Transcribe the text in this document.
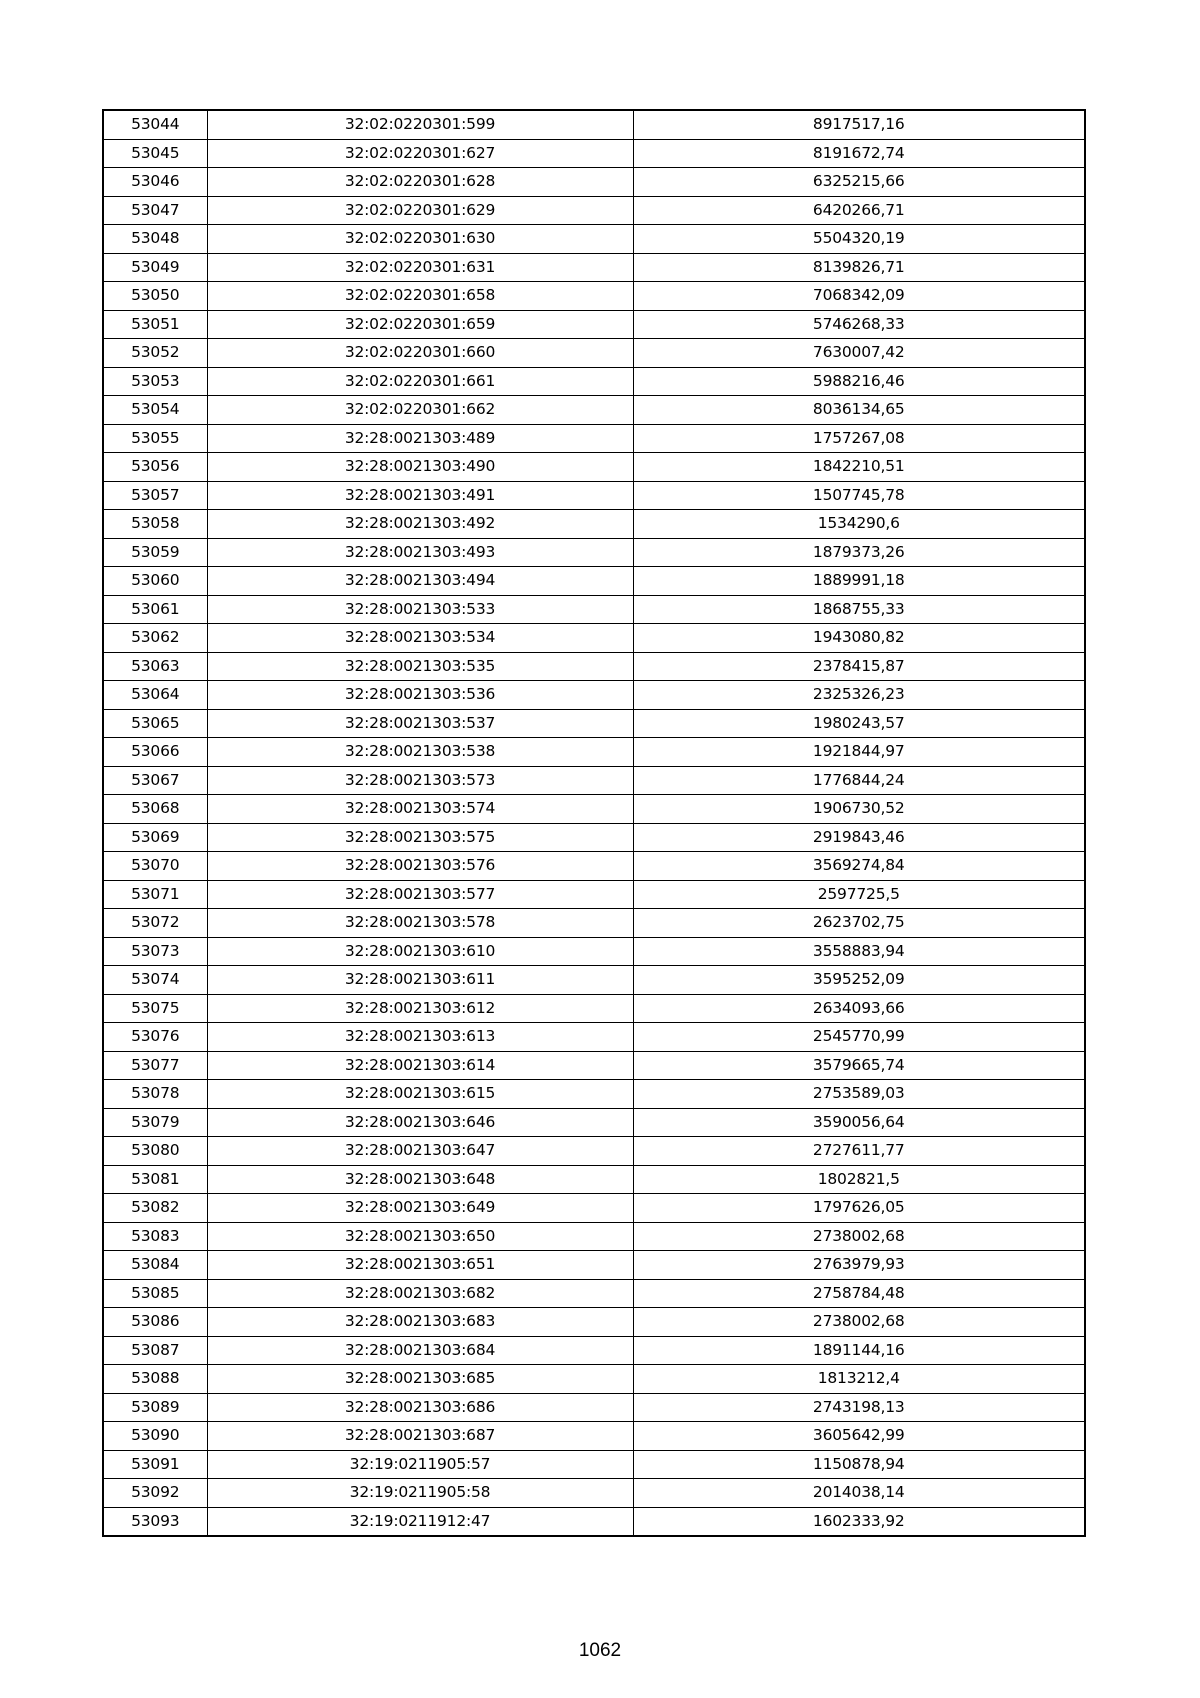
53044	32:02:0220301:599	8917517,16
53045	32:02:0220301:627	8191672,74
53046	32:02:0220301:628	6325215,66
53047	32:02:0220301:629	6420266,71
53048	32:02:0220301:630	5504320,19
53049	32:02:0220301:631	8139826,71
53050	32:02:0220301:658	7068342,09
53051	32:02:0220301:659	5746268,33
53052	32:02:0220301:660	7630007,42
53053	32:02:0220301:661	5988216,46
53054	32:02:0220301:662	8036134,65
53055	32:28:0021303:489	1757267,08
53056	32:28:0021303:490	1842210,51
53057	32:28:0021303:491	1507745,78
53058	32:28:0021303:492	1534290,6
53059	32:28:0021303:493	1879373,26
53060	32:28:0021303:494	1889991,18
53061	32:28:0021303:533	1868755,33
53062	32:28:0021303:534	1943080,82
53063	32:28:0021303:535	2378415,87
53064	32:28:0021303:536	2325326,23
53065	32:28:0021303:537	1980243,57
53066	32:28:0021303:538	1921844,97
53067	32:28:0021303:573	1776844,24
53068	32:28:0021303:574	1906730,52
53069	32:28:0021303:575	2919843,46
53070	32:28:0021303:576	3569274,84
53071	32:28:0021303:577	2597725,5
53072	32:28:0021303:578	2623702,75
53073	32:28:0021303:610	3558883,94
53074	32:28:0021303:611	3595252,09
53075	32:28:0021303:612	2634093,66
53076	32:28:0021303:613	2545770,99
53077	32:28:0021303:614	3579665,74
53078	32:28:0021303:615	2753589,03
53079	32:28:0021303:646	3590056,64
53080	32:28:0021303:647	2727611,77
53081	32:28:0021303:648	1802821,5
53082	32:28:0021303:649	1797626,05
53083	32:28:0021303:650	2738002,68
53084	32:28:0021303:651	2763979,93
53085	32:28:0021303:682	2758784,48
53086	32:28:0021303:683	2738002,68
53087	32:28:0021303:684	1891144,16
53088	32:28:0021303:685	1813212,4
53089	32:28:0021303:686	2743198,13
53090	32:28:0021303:687	3605642,99
53091	32:19:0211905:57	1150878,94
53092	32:19:0211905:58	2014038,14
53093	32:19:0211912:47	1602333,92
1062
